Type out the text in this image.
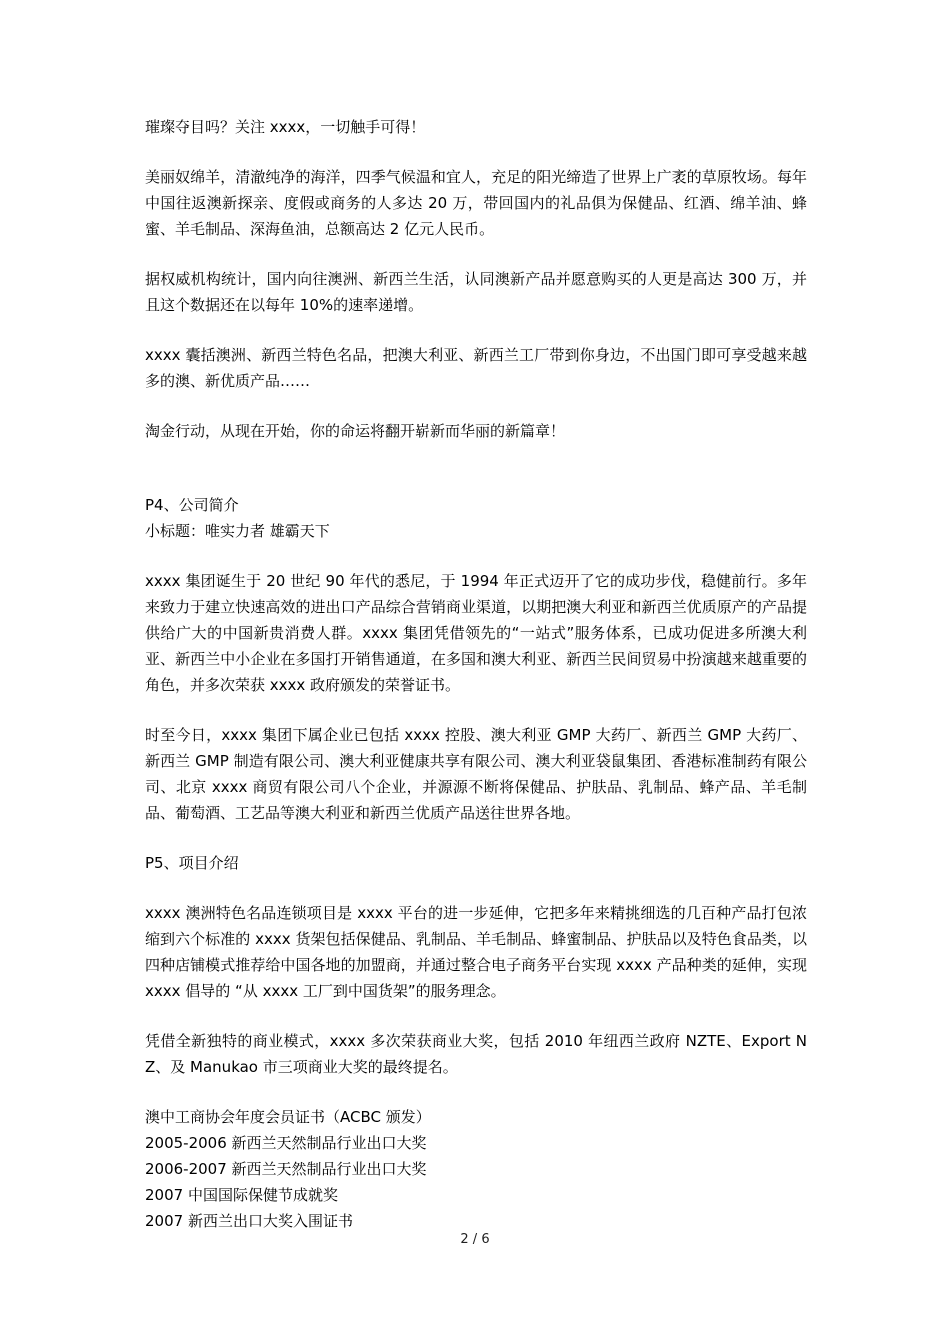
璀璨夺目吗？关注 xxxx，一切触手可得！

美丽奴绵羊，清澈纯净的海洋，四季气候温和宜人，充足的阳光缔造了世界上广袤的草原牧场。每年中国往返澳新探亲、度假或商务的人多达 20 万，带回国内的礼品俱为保健品、红酒、绵羊油、蜂蜜、羊毛制品、深海鱼油，总额高达 2 亿元人民币。

据权威机构统计，国内向往澳洲、新西兰生活，认同澳新产品并愿意购买的人更是高达 300 万，并且这个数据还在以每年 10%的速率递增。

xxxx 囊括澳洲、新西兰特色名品，把澳大利亚、新西兰工厂带到你身边，不出国门即可享受越来越多的澳、新优质产品……

淘金行动，从现在开始，你的命运将翻开崭新而华丽的新篇章！

P4、公司简介

小标题：唯实力者 雄霸天下

xxxx 集团诞生于 20 世纪 90 年代的悉尼，于 1994 年正式迈开了它的成功步伐，稳健前行。多年来致力于建立快速高效的进出口产品综合营销商业渠道，以期把澳大利亚和新西兰优质原产的产品提供给广大的中国新贵消费人群。xxxx 集团凭借领先的“一站式”服务体系，已成功促进多所澳大利亚、新西兰中小企业在多国打开销售通道，在多国和澳大利亚、新西兰民间贸易中扮演越来越重要的角色，并多次荣获 xxxx 政府颁发的荣誉证书。

时至今日，xxxx 集团下属企业已包括 xxxx 控股、澳大利亚 GMP 大药厂、新西兰 GMP 大药厂、新西兰 GMP 制造有限公司、澳大利亚健康共享有限公司、澳大利亚袋鼠集团、香港标准制药有限公司、北京 xxxx 商贸有限公司八个企业，并源源不断将保健品、护肤品、乳制品、蜂产品、羊毛制品、葡萄酒、工艺品等澳大利亚和新西兰优质产品送往世界各地。

P5、项目介绍

xxxx 澳洲特色名品连锁项目是 xxxx 平台的进一步延伸，它把多年来精挑细选的几百种产品打包浓缩到六个标准的 xxxx 货架包括保健品、乳制品、羊毛制品、蜂蜜制品、护肤品以及特色食品类，以四种店铺模式推荐给中国各地的加盟商，并通过整合电子商务平台实现 xxxx 产品种类的延伸，实现 xxxx 倡导的 “从 xxxx 工厂到中国货架”的服务理念。

凭借全新独特的商业模式，xxxx 多次荣获商业大奖，包括 2010 年纽西兰政府 NZTE、Export NZ、及 Manukao 市三项商业大奖的最终提名。

澳中工商协会年度会员证书（ACBC 颁发）

2005-2006 新西兰天然制品行业出口大奖

2006-2007 新西兰天然制品行业出口大奖

2007 中国国际保健节成就奖

2007 新西兰出口大奖入围证书

2 / 6
